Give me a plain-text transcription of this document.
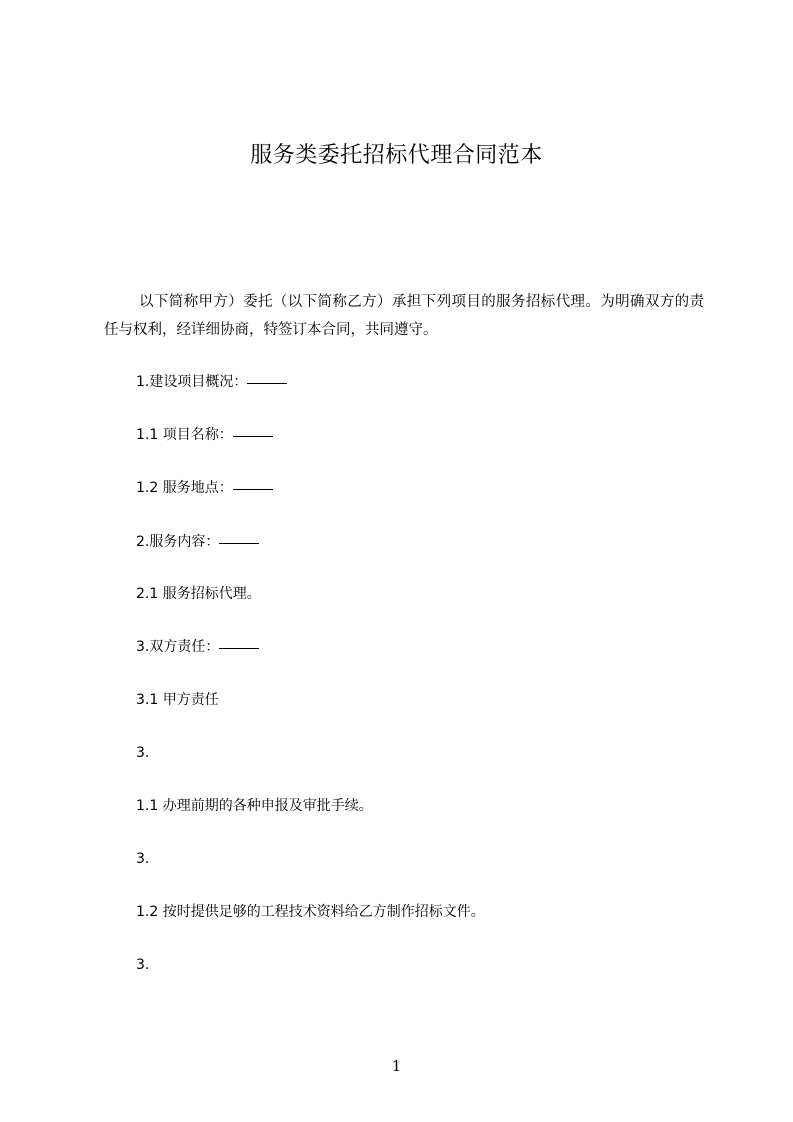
服务类委托招标代理合同范本
以下简称甲方）委托（以下简称乙方）承担下列项目的服务招标代理。为明确双方的责任与权利，经详细协商，特签订本合同，共同遵守。
1.建设项目概况：
1.1 项目名称：
1.2 服务地点：
2.服务内容：
2.1 服务招标代理。
3.双方责任：
3.1 甲方责任
3.
1.1 办理前期的各种申报及审批手续。
3.
1.2 按时提供足够的工程技术资料给乙方制作招标文件。
3.
1
